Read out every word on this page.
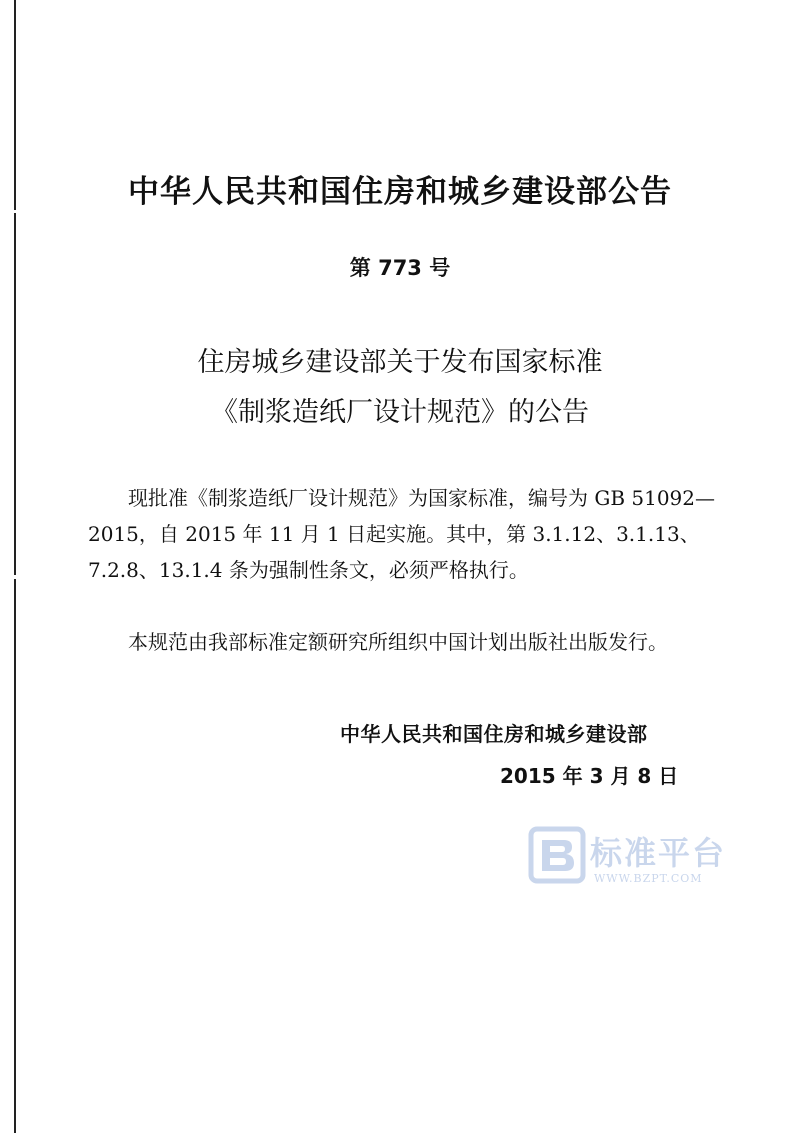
中华人民共和国住房和城乡建设部公告

第 773 号

住房城乡建设部关于发布国家标准

《制浆造纸厂设计规范》的公告

现批准《制浆造纸厂设计规范》为国家标准，编号为 GB 51092—2015，自 2015 年 11 月 1 日起实施。其中，第 3.1.12、3.1.13、7.2.8、13.1.4 条为强制性条文，必须严格执行。

本规范由我部标准定额研究所组织中国计划出版社出版发行。

中华人民共和国住房和城乡建设部

2015 年 3 月 8 日

标准平台

WWW.BZPT.COM
